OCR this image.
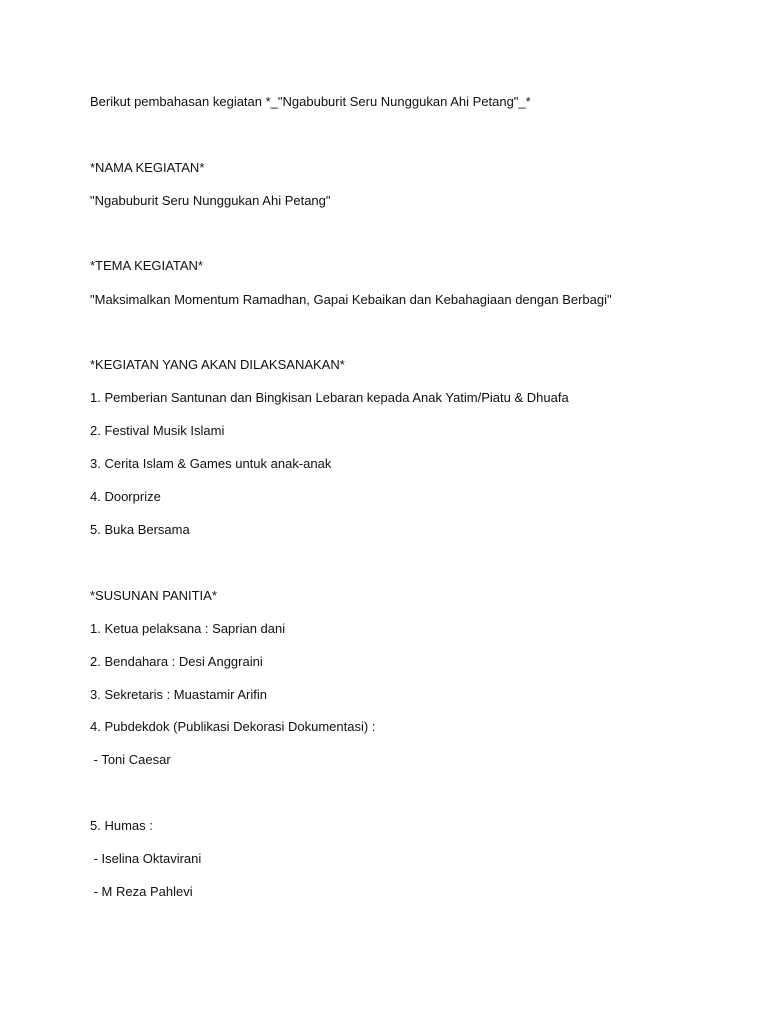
Berikut pembahasan kegiatan *_"Ngabuburit Seru Nunggukan Ahi Petang"_*
*NAMA KEGIATAN*
"Ngabuburit Seru Nunggukan Ahi Petang"
*TEMA KEGIATAN*
"Maksimalkan Momentum Ramadhan, Gapai Kebaikan dan Kebahagiaan dengan Berbagi"
*KEGIATAN YANG AKAN DILAKSANAKAN*
1. Pemberian Santunan dan Bingkisan Lebaran kepada Anak Yatim/Piatu & Dhuafa
2. Festival Musik Islami
3. Cerita Islam & Games untuk anak-anak
4. Doorprize
5. Buka Bersama
*SUSUNAN PANITIA*
1. Ketua pelaksana : Saprian dani
2. Bendahara : Desi Anggraini
3. Sekretaris : Muastamir Arifin
4. Pubdekdok (Publikasi Dekorasi Dokumentasi) :
- Toni Caesar
5. Humas :
- Iselina Oktavirani
- M Reza Pahlevi
